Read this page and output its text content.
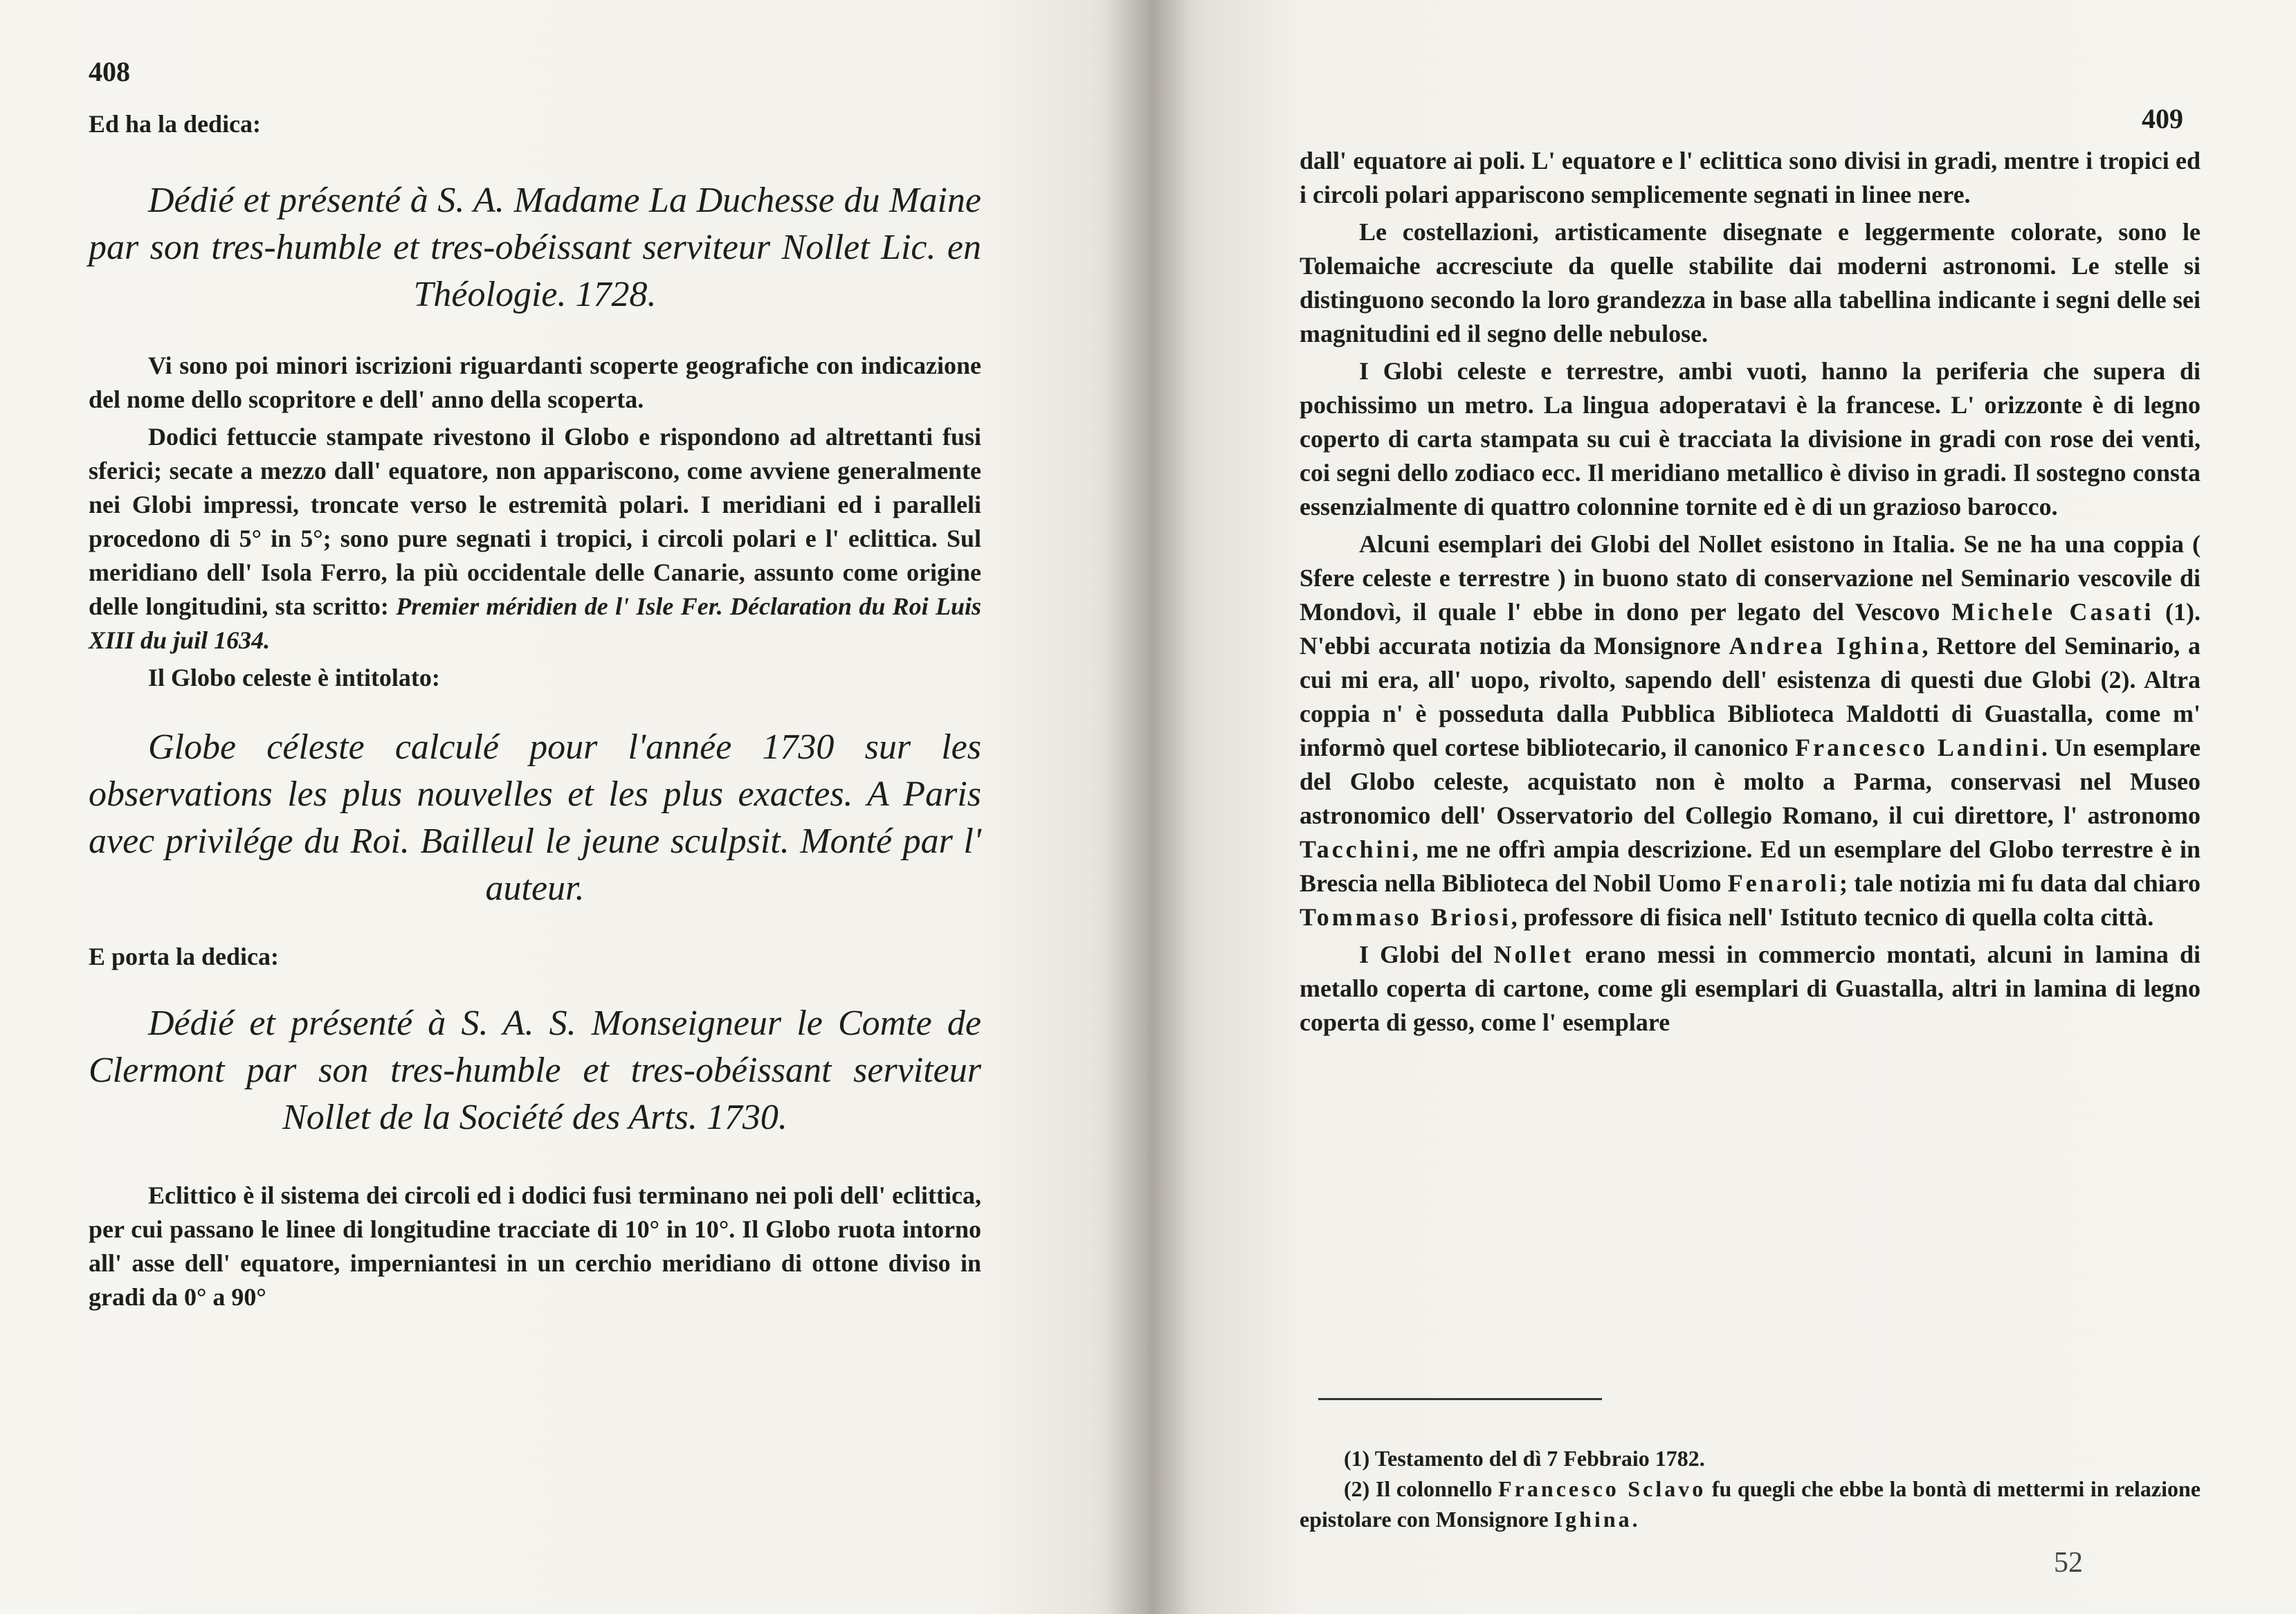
408

Ed ha la dedica:

Dédié et présenté à S. A. Madame La Duchesse du Maine par son tres-humble et tres-obéissant serviteur Nollet Lic. en Théologie. 1728.

Vi sono poi minori iscrizioni riguardanti scoperte geografiche con indicazione del nome dello scopritore e dell' anno della scoperta.

Dodici fettuccie stampate rivestono il Globo e rispondono ad altrettanti fusi sferici; secate a mezzo dall' equatore, non appariscono, come avviene generalmente nei Globi impressi, troncate verso le estremità polari. I meridiani ed i paralleli procedono di 5° in 5°; sono pure segnati i tropici, i circoli polari e l' eclittica. Sul meridiano dell' Isola Ferro, la più occidentale delle Canarie, assunto come origine delle longitudini, sta scritto: Premier méridien de l' Isle Fer. Déclaration du Roi Luis XIII du juil 1634.

Il Globo celeste è intitolato:

Globe céleste calculé pour l'année 1730 sur les observations les plus nouvelles et les plus exactes. A Paris avec privilége du Roi. Bailleul le jeune sculpsit. Monté par l' auteur.

E porta la dedica:

Dédié et présenté à S. A. S. Monseigneur le Comte de Clermont par son tres-humble et tres-obéissant serviteur Nollet de la Société des Arts. 1730.

Eclittico è il sistema dei circoli ed i dodici fusi terminano nei poli dell' eclittica, per cui passano le linee di longitudine tracciate di 10° in 10°. Il Globo ruota intorno all' asse dell' equatore, imperniantesi in un cerchio meridiano di ottone diviso in gradi da 0° a 90°

409

dall' equatore ai poli. L' equatore e l' eclittica sono divisi in gradi, mentre i tropici ed i circoli polari appariscono semplicemente segnati in linee nere.

Le costellazioni, artisticamente disegnate e leggermente colorate, sono le Tolemaiche accresciute da quelle stabilite dai moderni astronomi. Le stelle si distinguono secondo la loro grandezza in base alla tabellina indicante i segni delle sei magnitudini ed il segno delle nebulose.

I Globi celeste e terrestre, ambi vuoti, hanno la periferia che supera di pochissimo un metro. La lingua adoperatavi è la francese. L' orizzonte è di legno coperto di carta stampata su cui è tracciata la divisione in gradi con rose dei venti, coi segni dello zodiaco ecc. Il meridiano metallico è diviso in gradi. Il sostegno consta essenzialmente di quattro colonnine tornite ed è di un grazioso barocco.

Alcuni esemplari dei Globi del Nollet esistono in Italia. Se ne ha una coppia ( Sfere celeste e terrestre ) in buono stato di conservazione nel Seminario vescovile di Mondovì, il quale l' ebbe in dono per legato del Vescovo Michele Casati (1). N'ebbi accurata notizia da Monsignore Andrea Ighina, Rettore del Seminario, a cui mi era, all' uopo, rivolto, sapendo dell' esistenza di questi due Globi (2). Altra coppia n' è posseduta dalla Pubblica Biblioteca Maldotti di Guastalla, come m' informò quel cortese bibliotecario, il canonico Francesco Landini. Un esemplare del Globo celeste, acquistato non è molto a Parma, conservasi nel Museo astronomico dell' Osservatorio del Collegio Romano, il cui direttore, l' astronomo Tacchini, me ne offrì ampia descrizione. Ed un esemplare del Globo terrestre è in Brescia nella Biblioteca del Nobil Uomo Fenaroli; tale notizia mi fu data dal chiaro Tommaso Briosi, professore di fisica nell' Istituto tecnico di quella colta città.

I Globi del Nollet erano messi in commercio montati, alcuni in lamina di metallo coperta di cartone, come gli esemplari di Guastalla, altri in lamina di legno coperta di gesso, come l' esemplare

(1) Testamento del dì 7 Febbraio 1782.

(2) Il colonnello Francesco Sclavo fu quegli che ebbe la bontà di mettermi in relazione epistolare con Monsignore Ighina.

52
